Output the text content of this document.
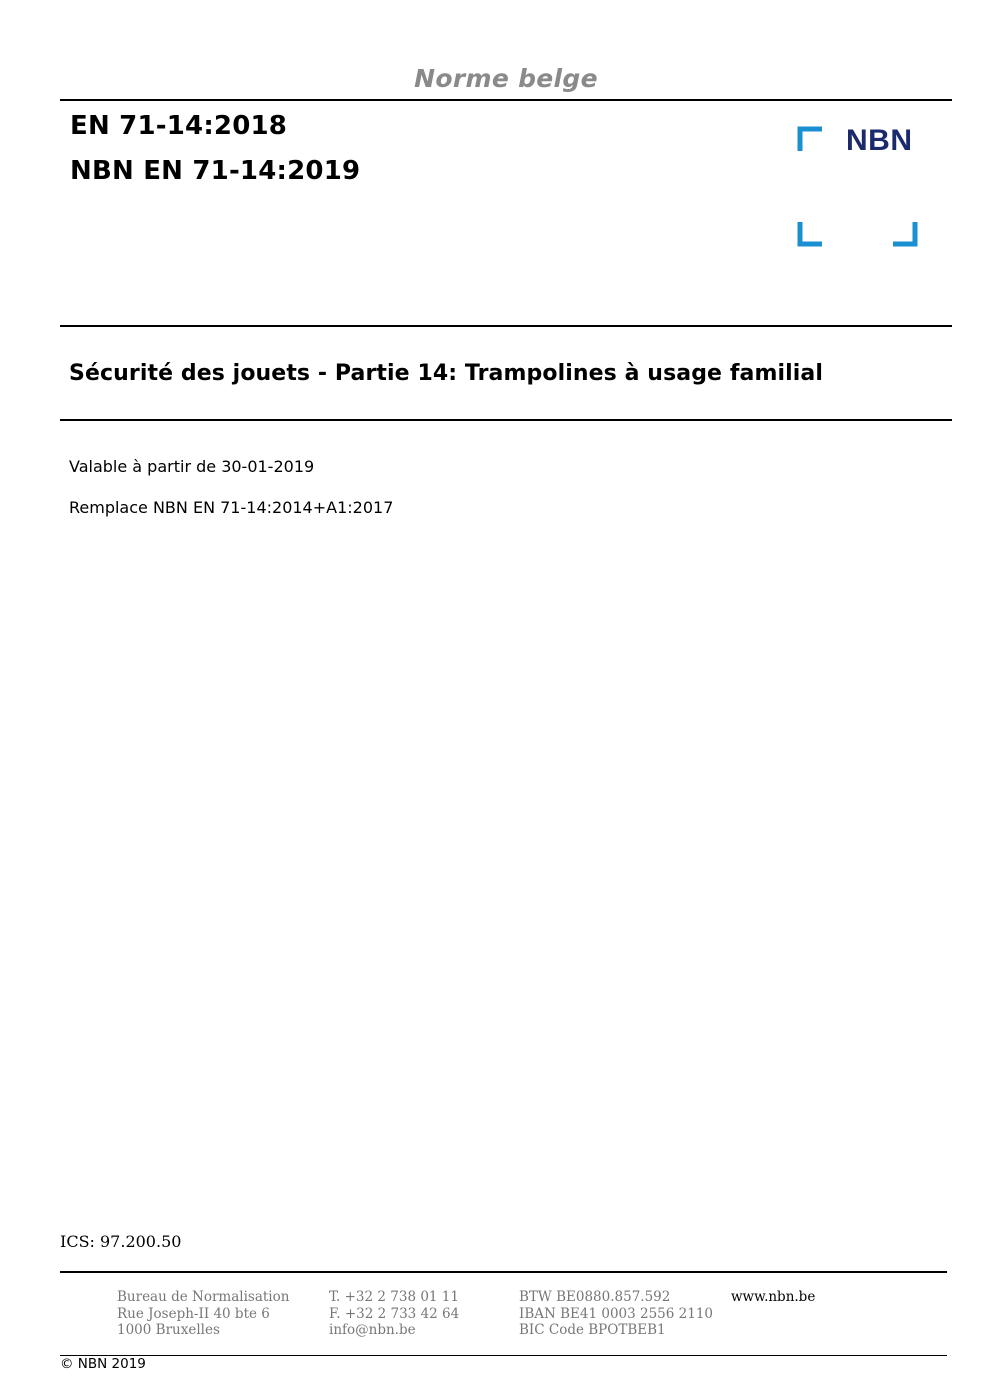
Norme belge
EN 71-14:2018
NBN EN 71-14:2019
NBN
Sécurité des jouets - Partie 14: Trampolines à usage familial
Valable à partir de 30-01-2019
Remplace NBN EN 71-14:2014+A1:2017
ICS: 97.200.50
Bureau de Normalisation
Rue Joseph-II 40 bte 6
1000 Bruxelles
T. +32 2 738 01 11
F. +32 2 733 42 64
info@nbn.be
BTW BE0880.857.592
IBAN BE41 0003 2556 2110
BIC Code BPOTBEB1
www.nbn.be
© NBN 2019
